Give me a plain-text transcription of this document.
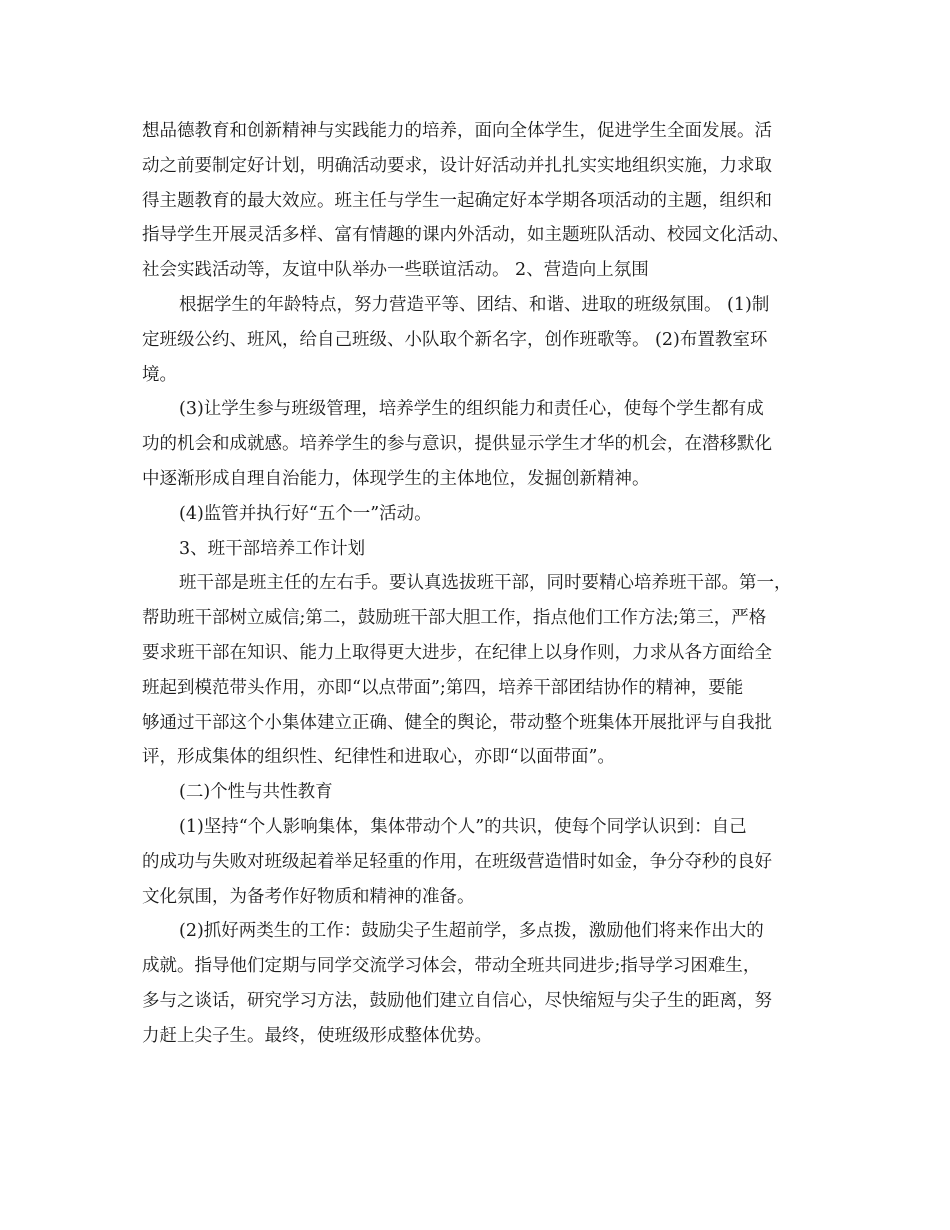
想品德教育和创新精神与实践能力的培养，面向全体学生，促进学生全面发展。活

动之前要制定好计划，明确活动要求，设计好活动并扎扎实实地组织实施，力求取

得主题教育的最大效应。班主任与学生一起确定好本学期各项活动的主题，组织和

指导学生开展灵活多样、富有情趣的课内外活动，如主题班队活动、校园文化活动、

社会实践活动等，友谊中队举办一些联谊活动。 2、营造向上氛围

根据学生的年龄特点，努力营造平等、团结、和谐、进取的班级氛围。 (1)制

定班级公约、班风，给自己班级、小队取个新名字，创作班歌等。 (2)布置教室环

境。

(3)让学生参与班级管理，培养学生的组织能力和责任心，使每个学生都有成

功的机会和成就感。培养学生的参与意识，提供显示学生才华的机会，在潜移默化

中逐渐形成自理自治能力，体现学生的主体地位，发掘创新精神。

(4)监管并执行好“五个一”活动。

3、班干部培养工作计划

班干部是班主任的左右手。要认真选拔班干部，同时要精心培养班干部。第一，

帮助班干部树立威信;第二，鼓励班干部大胆工作，指点他们工作方法;第三，严格

要求班干部在知识、能力上取得更大进步，在纪律上以身作则，力求从各方面给全

班起到模范带头作用，亦即“以点带面”;第四，培养干部团结协作的精神，要能

够通过干部这个小集体建立正确、健全的舆论，带动整个班集体开展批评与自我批

评，形成集体的组织性、纪律性和进取心，亦即“以面带面”。

(二)个性与共性教育

(1)坚持“个人影响集体，集体带动个人”的共识，使每个同学认识到：自己

的成功与失败对班级起着举足轻重的作用，在班级营造惜时如金，争分夺秒的良好

文化氛围，为备考作好物质和精神的准备。

(2)抓好两类生的工作：鼓励尖子生超前学，多点拨，激励他们将来作出大的

成就。指导他们定期与同学交流学习体会，带动全班共同进步;指导学习困难生，

多与之谈话，研究学习方法，鼓励他们建立自信心，尽快缩短与尖子生的距离，努

力赶上尖子生。最终，使班级形成整体优势。
